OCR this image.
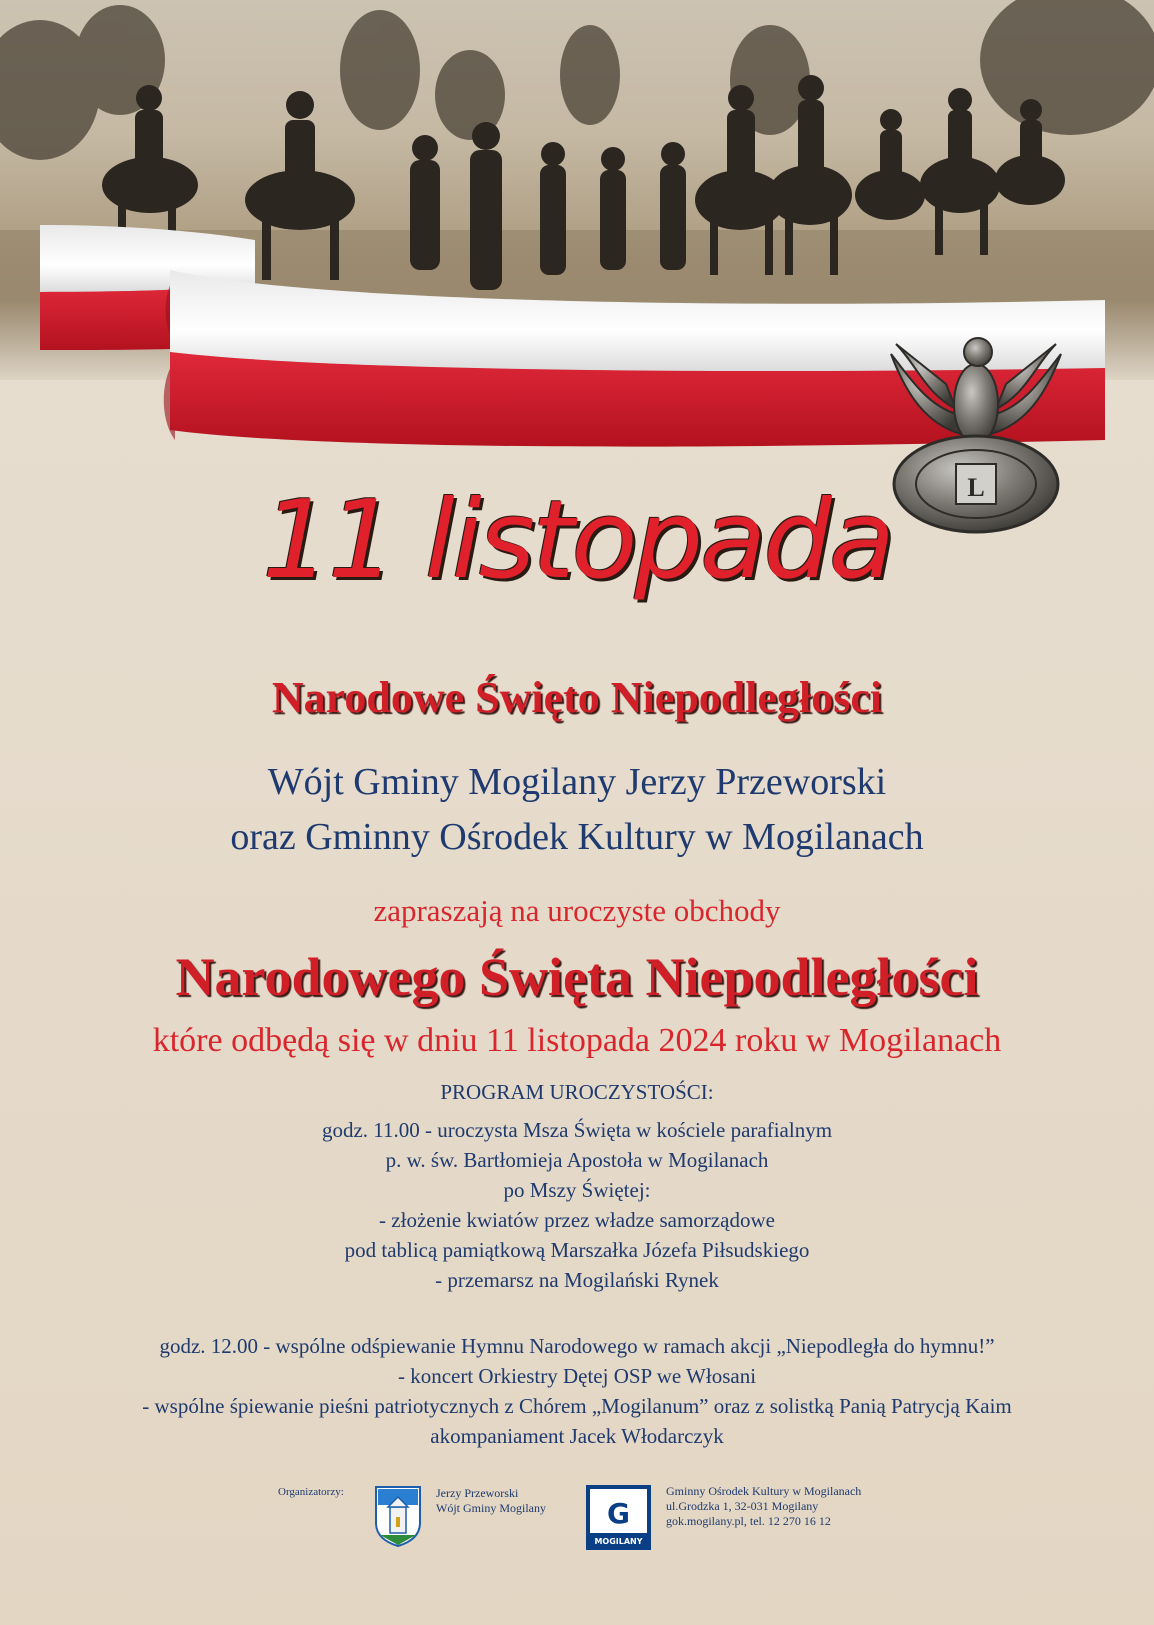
L
11 listopada
Narodowe Święto Niepodległości
Wójt Gminy Mogilany Jerzy Przeworski
oraz Gminny Ośrodek Kultury w Mogilanach
zapraszają na uroczyste obchody
Narodowego Święta Niepodległości
które odbędą się w dniu 11 listopada 2024 roku w Mogilanach
PROGRAM UROCZYSTOŚCI:
godz. 11.00 - uroczysta Msza Święta w kościele parafialnym
p. w. św. Bartłomieja Apostoła w Mogilanach
po Mszy Świętej:
- złożenie kwiatów przez władze samorządowe
pod tablicą pamiątkową Marszałka Józefa Piłsudskiego
- przemarsz na Mogilański Rynek
godz. 12.00 - wspólne odśpiewanie Hymnu Narodowego w ramach akcji „Niepodległa do hymnu!”
- koncert Orkiestry Dętej OSP we Włosani
- wspólne śpiewanie pieśni patriotycznych z Chórem „Mogilanum” oraz z solistką Panią Patrycją Kaim
akompaniament Jacek Włodarczyk
Organizatorzy:	Jerzy Przeworski
Wójt Gminy Mogilany G
MOGILANY
Gminny Ośrodek Kultury w Mogilanach
ul.Grodzka 1, 32-031 Mogilany
gok.mogilany.pl, tel. 12 270 16 12
